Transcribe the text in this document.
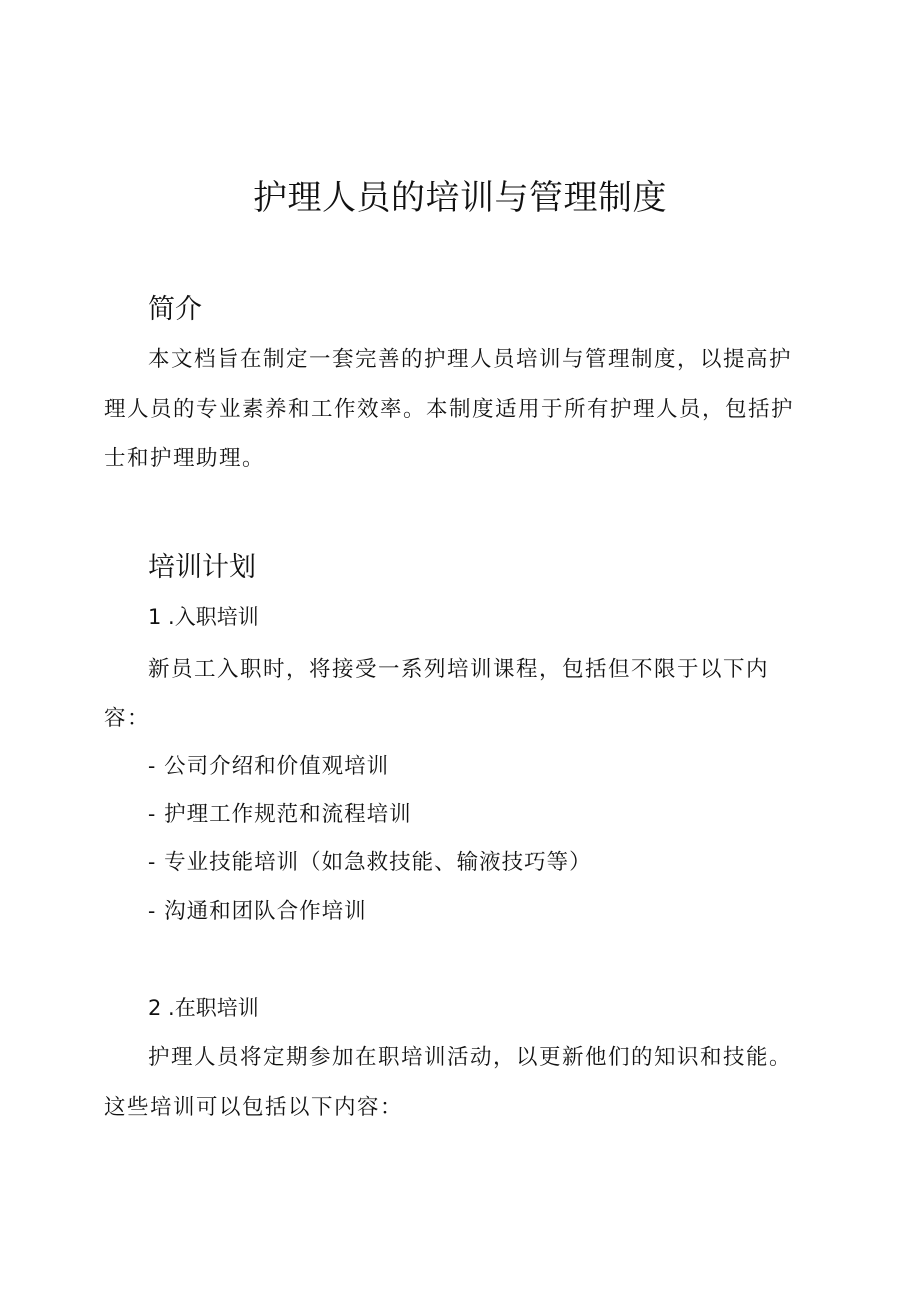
护理人员的培训与管理制度
简介
本文档旨在制定一套完善的护理人员培训与管理制度，以提高护
理人员的专业素养和工作效率。本制度适用于所有护理人员，包括护
士和护理助理。
培训计划
1 .入职培训
新员工入职时，将接受一系列培训课程，包括但不限于以下内
容：
- 公司介绍和价值观培训
- 护理工作规范和流程培训
- 专业技能培训（如急救技能、输液技巧等）
- 沟通和团队合作培训
2 .在职培训
护理人员将定期参加在职培训活动，以更新他们的知识和技能。
这些培训可以包括以下内容：
